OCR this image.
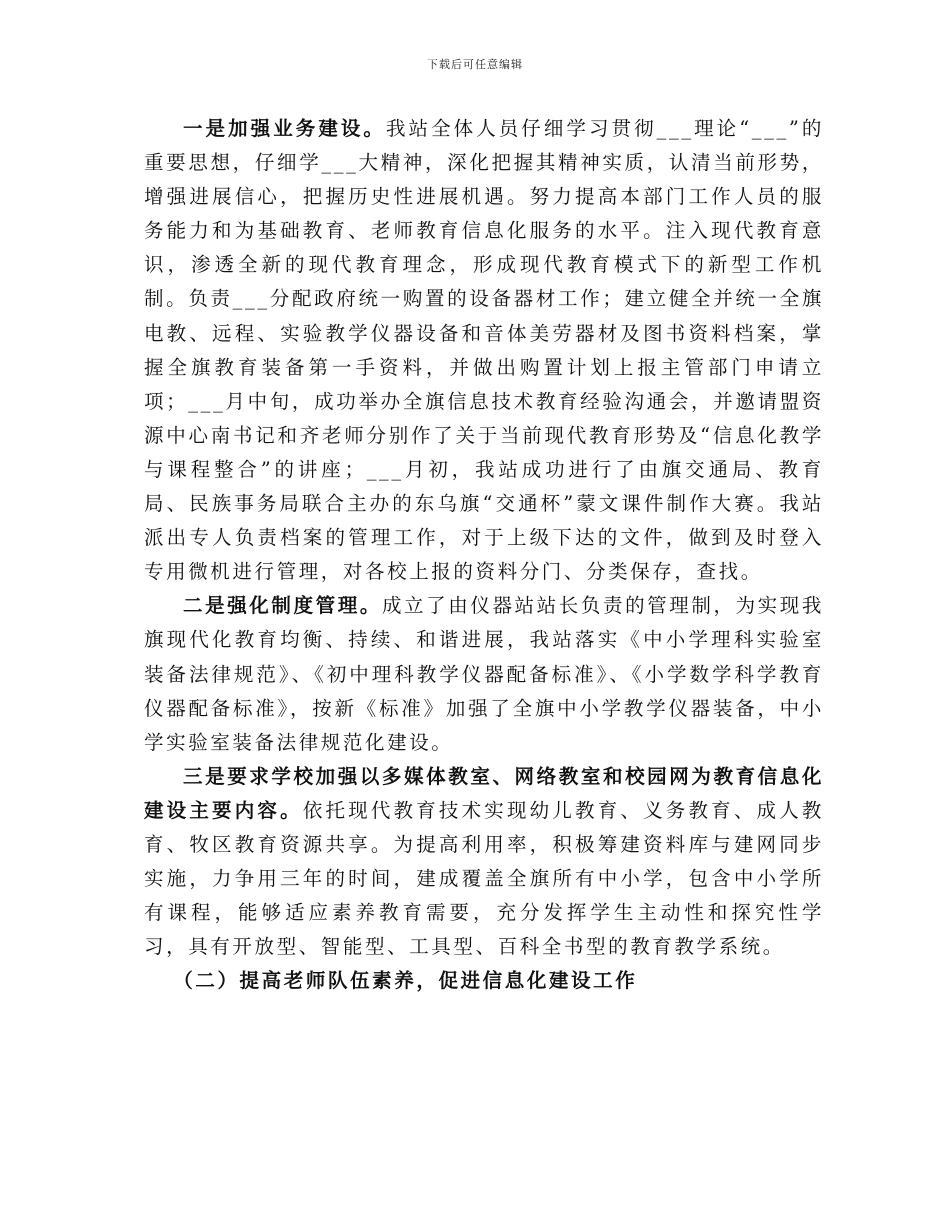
下载后可任意编辑

一是加强业务建设。我站全体人员仔细学习贯彻___理论“___”的重要思想，仔细学___大精神，深化把握其精神实质，认清当前形势，增强进展信心，把握历史性进展机遇。努力提高本部门工作人员的服务能力和为基础教育、老师教育信息化服务的水平。注入现代教育意识，渗透全新的现代教育理念，形成现代教育模式下的新型工作机制。负责___分配政府统一购置的设备器材工作；建立健全并统一全旗电教、远程、实验教学仪器设备和音体美劳器材及图书资料档案，掌握全旗教育装备第一手资料，并做出购置计划上报主管部门申请立项；___月中旬，成功举办全旗信息技术教育经验沟通会，并邀请盟资源中心南书记和齐老师分别作了关于当前现代教育形势及“信息化教学与课程整合”的讲座；___月初，我站成功进行了由旗交通局、教育局、民族事务局联合主办的东乌旗“交通杯”蒙文课件制作大赛。我站派出专人负责档案的管理工作，对于上级下达的文件，做到及时登入专用微机进行管理，对各校上报的资料分门、分类保存，查找。

二是强化制度管理。成立了由仪器站站长负责的管理制，为实现我旗现代化教育均衡、持续、和谐进展，我站落实《中小学理科实验室装备法律规范》、《初中理科教学仪器配备标准》、《小学数学科学教育仪器配备标准》，按新《标准》加强了全旗中小学教学仪器装备，中小学实验室装备法律规范化建设。

三是要求学校加强以多媒体教室、网络教室和校园网为教育信息化建设主要内容。依托现代教育技术实现幼儿教育、义务教育、成人教育、牧区教育资源共享。为提高利用率，积极筹建资料库与建网同步实施，力争用三年的时间，建成覆盖全旗所有中小学，包含中小学所有课程，能够适应素养教育需要，充分发挥学生主动性和探究性学习，具有开放型、智能型、工具型、百科全书型的教育教学系统。

（二）提高老师队伍素养，促进信息化建设工作
